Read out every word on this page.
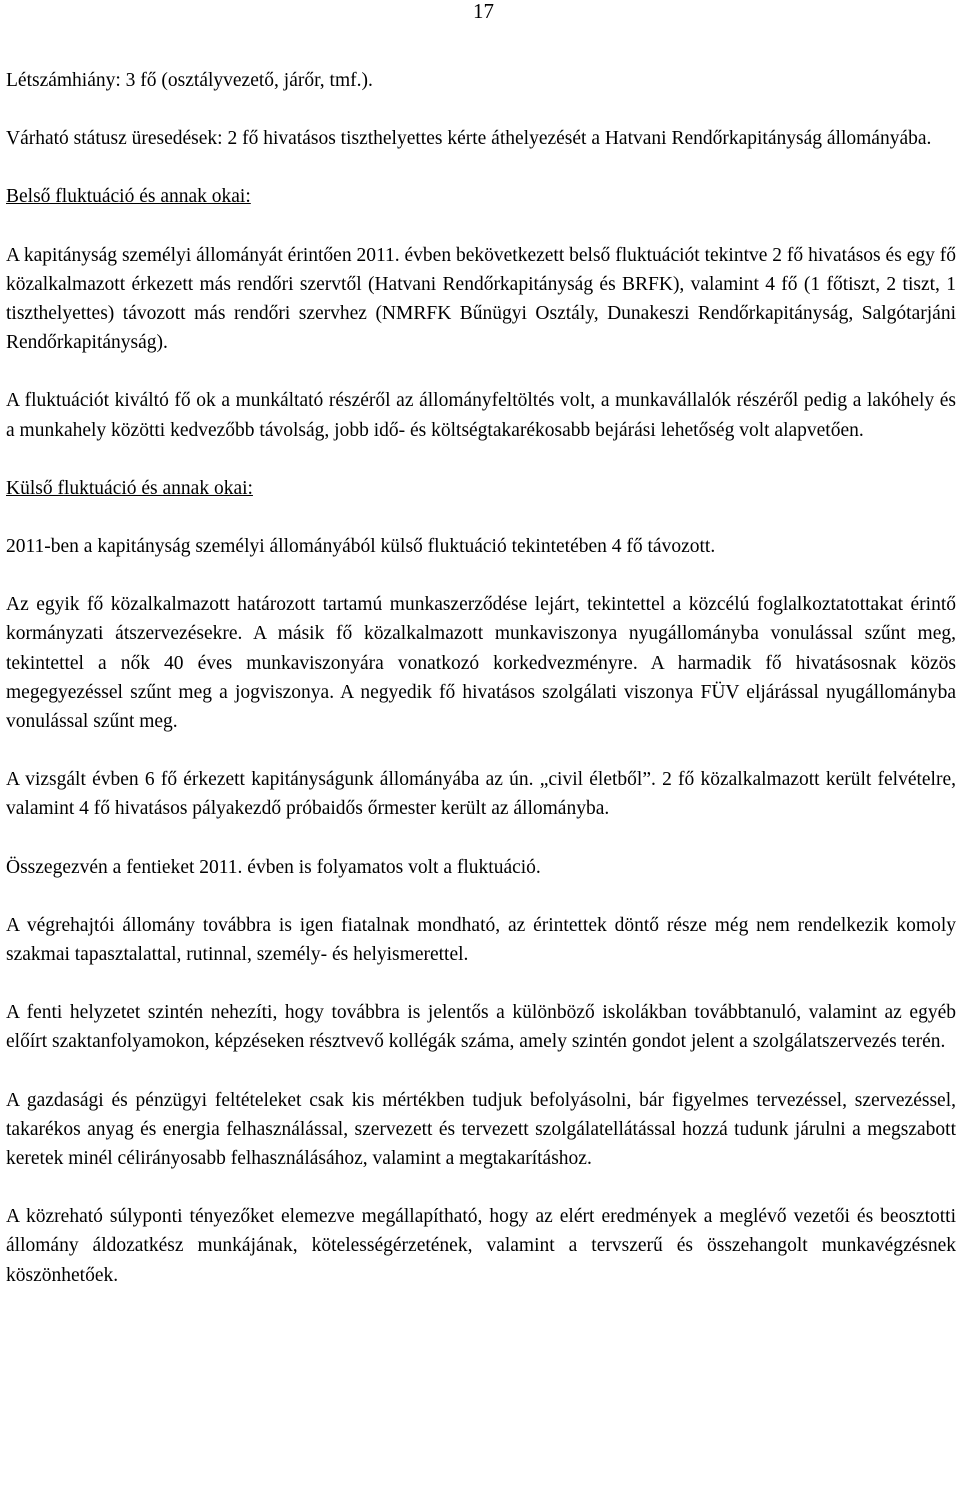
17

Létszámhiány: 3 fő (osztályvezető, járőr, tmf.).

Várható státusz üresedések: 2 fő hivatásos tiszthelyettes kérte áthelyezését a Hatvani Rendőrkapitányság állományába.

Belső fluktuáció és annak okai:

A kapitányság személyi állományát érintően 2011. évben bekövetkezett belső fluktuációt tekintve 2 fő hivatásos és egy fő közalkalmazott érkezett más rendőri szervtől (Hatvani Rendőrkapitányság és BRFK), valamint 4 fő (1 főtiszt, 2 tiszt, 1 tiszthelyettes) távozott más rendőri szervhez (NMRFK Bűnügyi Osztály, Dunakeszi Rendőrkapitányság, Salgótarjáni Rendőrkapitányság).

A fluktuációt kiváltó fő ok a munkáltató részéről az állományfeltöltés volt, a munkavállalók részéről pedig a lakóhely és a munkahely közötti kedvezőbb távolság, jobb idő- és költségtakarékosabb bejárási lehetőség volt alapvetően.

Külső fluktuáció és annak okai:

2011-ben a kapitányság személyi állományából külső fluktuáció tekintetében 4 fő távozott.

Az egyik fő közalkalmazott határozott tartamú munkaszerződése lejárt, tekintettel a közcélú foglalkoztatottakat érintő kormányzati átszervezésekre. A másik fő közalkalmazott munkaviszonya nyugállományba vonulással szűnt meg, tekintettel a nők 40 éves munkaviszonyára vonatkozó korkedvezményre. A harmadik fő hivatásosnak közös megegyezéssel szűnt meg a jogviszonya. A negyedik fő hivatásos szolgálati viszonya FÜV eljárással nyugállományba vonulással szűnt meg.

A vizsgált évben 6 fő érkezett kapitányságunk állományába az ún. „civil életből”. 2 fő közalkalmazott került felvételre, valamint 4 fő hivatásos pályakezdő próbaidős őrmester került az állományba.

Összegezvén a fentieket 2011. évben is folyamatos volt a fluktuáció.

A végrehajtói állomány továbbra is igen fiatalnak mondható, az érintettek döntő része még nem rendelkezik komoly szakmai tapasztalattal, rutinnal, személy- és helyismerettel.

A fenti helyzetet szintén nehezíti, hogy továbbra is jelentős a különböző iskolákban továbbtanuló, valamint az egyéb előírt szaktanfolyamokon, képzéseken résztvevő kollégák száma, amely szintén gondot jelent a szolgálatszervezés terén.

A gazdasági és pénzügyi feltételeket csak kis mértékben tudjuk befolyásolni, bár figyelmes tervezéssel, szervezéssel, takarékos anyag és energia felhasználással, szervezett és tervezett szolgálatellátással hozzá tudunk járulni a megszabott keretek minél célirányosabb felhasználásához, valamint a megtakarításhoz.

A közreható súlyponti tényezőket elemezve megállapítható, hogy az elért eredmények a meglévő vezetői és beosztotti állomány áldozatkész munkájának, kötelességérzetének, valamint a tervszerű és összehangolt munkavégzésnek köszönhetőek.
